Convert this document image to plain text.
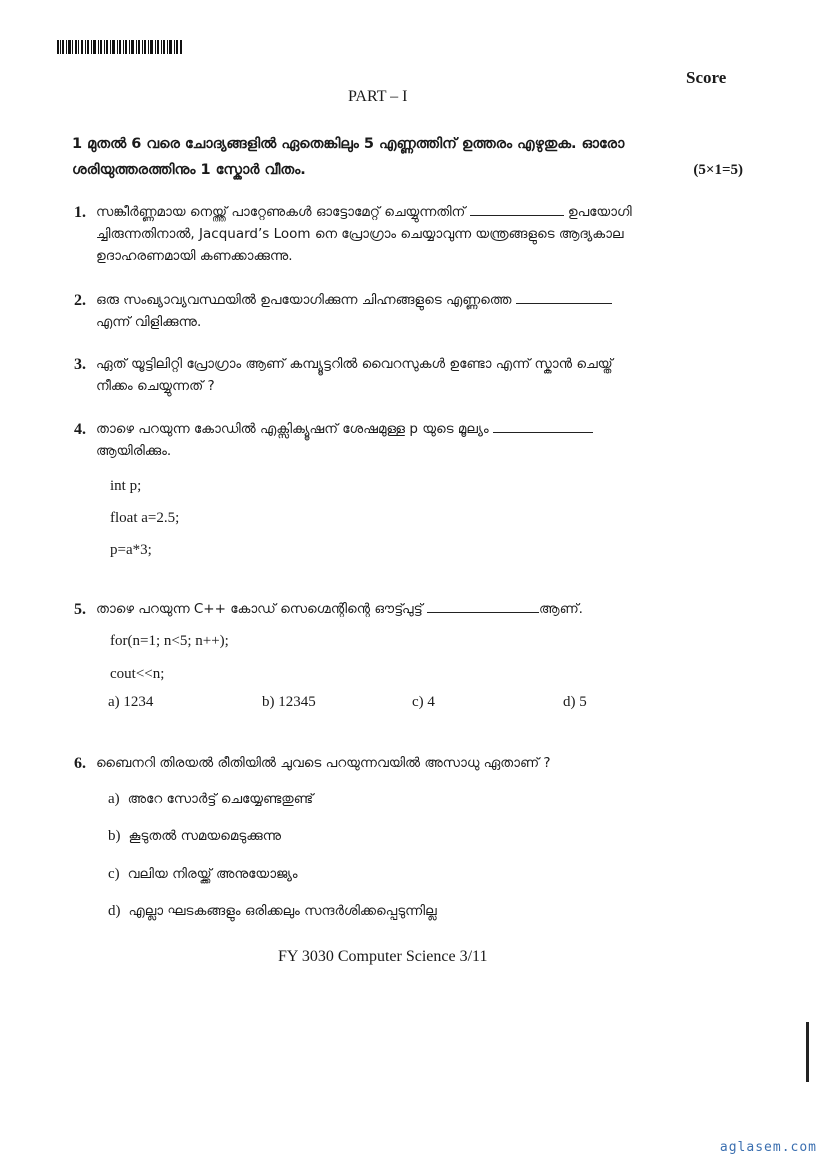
Score
PART – I
1 മുതൽ 6 വരെ ചോദ്യങ്ങളിൽ ഏതെങ്കിലും 5 എണ്ണത്തിന് ഉത്തരം എഴുതുക. ഓരോ
ശരിയുത്തരത്തിനും 1 സ്കോർ വീതം.	(5×1=5)
1. സങ്കീർണ്ണമായ നെയ്ത്ത് പാറ്റേണുകൾ ഓട്ടോമേറ്റ് ചെയ്യുന്നതിന്	ഉപയോഗി
ച്ചിരുന്നതിനാൽ, Jacquard’s Loom നെ പ്രോഗ്രാം ചെയ്യാവുന്ന യന്ത്രങ്ങളുടെ ആദ്യകാല
ഉദാഹരണമായി കണക്കാക്കുന്നു.
2. ഒരു സംഖ്യാവ്യവസ്ഥയിൽ ഉപയോഗിക്കുന്ന ചിഹ്നങ്ങളുടെ എണ്ണത്തെ
എന്ന് വിളിക്കുന്നു.
3. ഏത് യൂട്ടിലിറ്റി പ്രോഗ്രാം ആണ് കമ്പ്യൂട്ടറിൽ വൈറസുകൾ ഉണ്ടോ എന്ന് സ്കാൻ ചെയ്ത്
നീക്കം ചെയ്യുന്നത് ?
4. താഴെ പറയുന്ന കോഡിൽ എക്സിക്യൂഷന് ശേഷമുള്ള p യുടെ മൂല്യം
ആയിരിക്കും.
int p;
float a=2.5;
p=a*3;
5. താഴെ പറയുന്ന C++ കോഡ് സെഗ്മെന്റിന്റെ ഔട്ട്പുട്ട്	ആണ്.
for(n=1; n<5; n++);
cout<<n;
a) 1234	b) 12345	c) 4	d) 5
6. ബൈനറി തിരയൽ രീതിയിൽ ചുവടെ പറയുന്നവയിൽ അസാധു ഏതാണ് ?
a) അറേ സോർട്ട് ചെയ്യേണ്ടതുണ്ട്
b) കൂടുതൽ സമയമെടുക്കുന്നു
c) വലിയ നിരയ്ക്ക് അനുയോജ്യം
d) എല്ലാ ഘടകങ്ങളും ഒരിക്കലും സന്ദർശിക്കപ്പെടുന്നില്ല
FY 3030 Computer Science 3/11
aglasem.com
